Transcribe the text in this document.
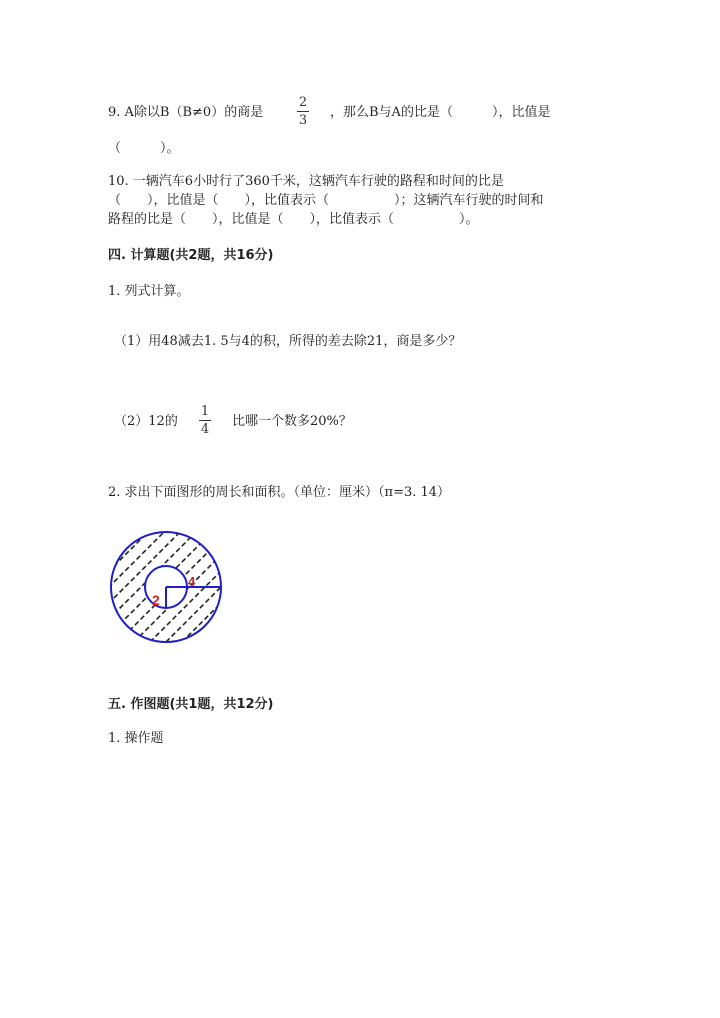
9. A除以B（B≠0）的商是
2
3
，那么B与A的比是（　　　），比值是
（　　　）。
10. 一辆汽车6小时行了360千米，这辆汽车行驶的路程和时间的比是
（　　），比值是（　　），比值表示（　　　　　）；这辆汽车行驶的时间和
路程的比是（　　），比值是（　　），比值表示（　　　　　）。
四. 计算题(共2题，共16分)
1. 列式计算。
（1）用48减去1. 5与4的积，所得的差去除21，商是多少？
（2）12的
1
4
比哪一个数多20%？
2. 求出下面图形的周长和面积。（单位：厘米）（π=3. 14）
2
4
五. 作图题(共1题，共12分)
1. 操作题
